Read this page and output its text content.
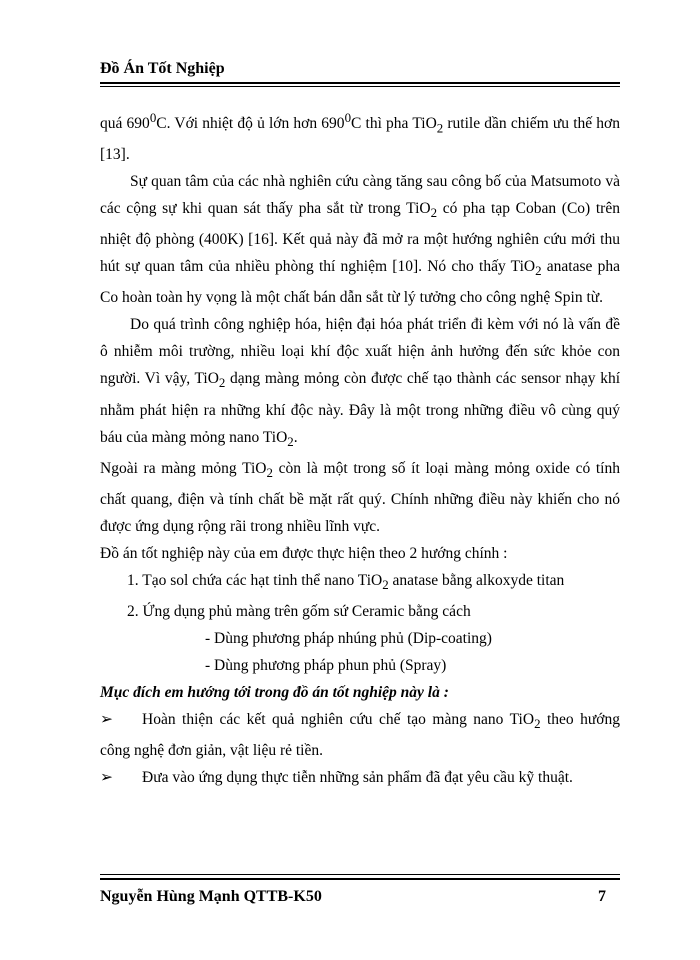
Đồ Án Tốt Nghiệp

quá $690^0C$. Với nhiệt độ ủ lớn hơn $690^0C$ thì pha TiO$_2$ rutile dần chiếm ưu thế hơn [13].

Sự quan tâm của các nhà nghiên cứu càng tăng sau công bố của Matsumoto và các cộng sự khi quan sát thấy pha sắt từ trong TiO$_2$ có pha tạp Coban (Co) trên nhiệt độ phòng (400K) [16]. Kết quả này đã mở ra một hướng nghiên cứu mới thu hút sự quan tâm của nhiều phòng thí nghiệm [10]. Nó cho thấy TiO$_2$ anatase pha Co hoàn toàn hy vọng là một chất bán dẫn sắt từ lý tưởng cho công nghệ Spin từ.

Do quá trình công nghiệp hóa, hiện đại hóa phát triển đi kèm với nó là vấn đề ô nhiễm môi trường, nhiều loại khí độc xuất hiện ảnh hưởng đến sức khỏe con người. Vì vậy, TiO$_2$ dạng màng mỏng còn được chế tạo thành các sensor nhạy khí nhằm phát hiện ra những khí độc này. Đây là một trong những điều vô cùng quý báu của màng mỏng nano TiO$_2$.

Ngoài ra màng mỏng TiO$_2$ còn là một trong số ít loại màng mỏng oxide có tính chất quang, điện và tính chất bề mặt rất quý. Chính những điều này khiến cho nó được ứng dụng rộng rãi trong nhiều lĩnh vực.

Đồ án tốt nghiệp này của em được thực hiện theo 2 hướng chính :

1. Tạo sol chứa các hạt tinh thể nano TiO$_2$ anatase bằng alkoxyde titan

2. Ứng dụng phủ màng trên gốm sứ Ceramic bằng cách

- Dùng phương pháp nhúng phủ (Dip-coating)

- Dùng phương pháp phun phủ (Spray)

Mục đích em hướng tới trong đồ án tốt nghiệp này là :

➢ Hoàn thiện các kết quả nghiên cứu chế tạo màng nano TiO$_2$ theo hướng công nghệ đơn giản, vật liệu rẻ tiền.

➢ Đưa vào ứng dụng thực tiễn những sản phẩm đã đạt yêu cầu kỹ thuật.

Nguyễn Hùng Mạnh QTTB-K50	7
